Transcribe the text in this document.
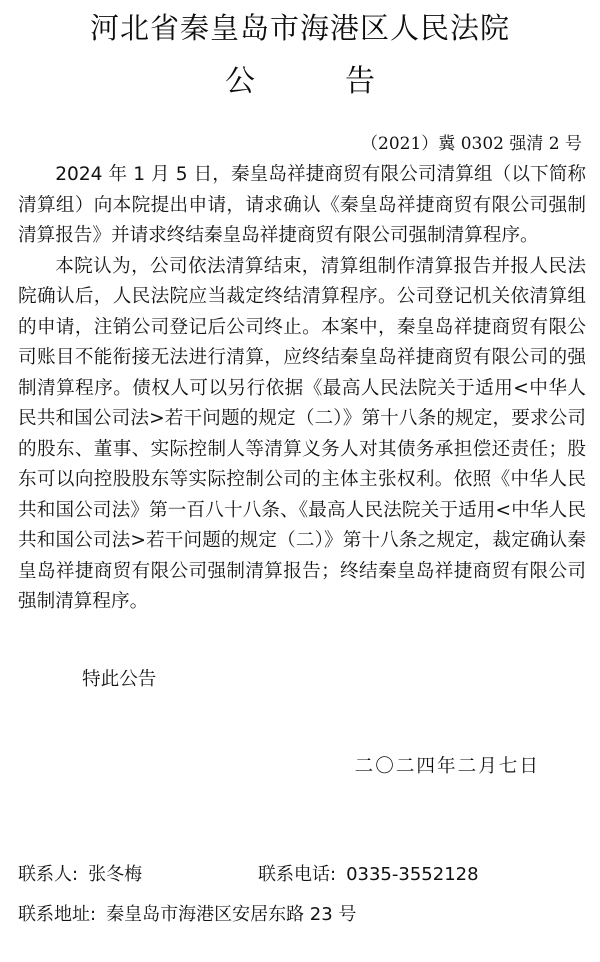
河北省秦皇岛市海港区人民法院
公告
（2021）冀 0302 强清 2 号

2024 年 1 月 5 日，秦皇岛祥捷商贸有限公司清算组（以下简称清算组）向本院提出申请，请求确认《秦皇岛祥捷商贸有限公司强制清算报告》并请求终结秦皇岛祥捷商贸有限公司强制清算程序。

本院认为，公司依法清算结束，清算组制作清算报告并报人民法院确认后，人民法院应当裁定终结清算程序。公司登记机关依清算组的申请，注销公司登记后公司终止。本案中，秦皇岛祥捷商贸有限公司账目不能衔接无法进行清算，应终结秦皇岛祥捷商贸有限公司的强制清算程序。债权人可以另行依据《最高人民法院关于适用<中华人民共和国公司法>若干问题的规定（二）》第十八条的规定，要求公司的股东、董事、实际控制人等清算义务人对其债务承担偿还责任；股东可以向控股股东等实际控制公司的主体主张权利。依照《中华人民共和国公司法》第一百八十八条、《最高人民法院关于适用<中华人民共和国公司法>若干问题的规定（二）》第十八条之规定，裁定确认秦皇岛祥捷商贸有限公司强制清算报告；终结秦皇岛祥捷商贸有限公司强制清算程序。

特此公告
二〇二四年二月七日
联系人: 张冬梅	联系电话: 0335-3552128
联系地址: 秦皇岛市海港区安居东路 23 号
